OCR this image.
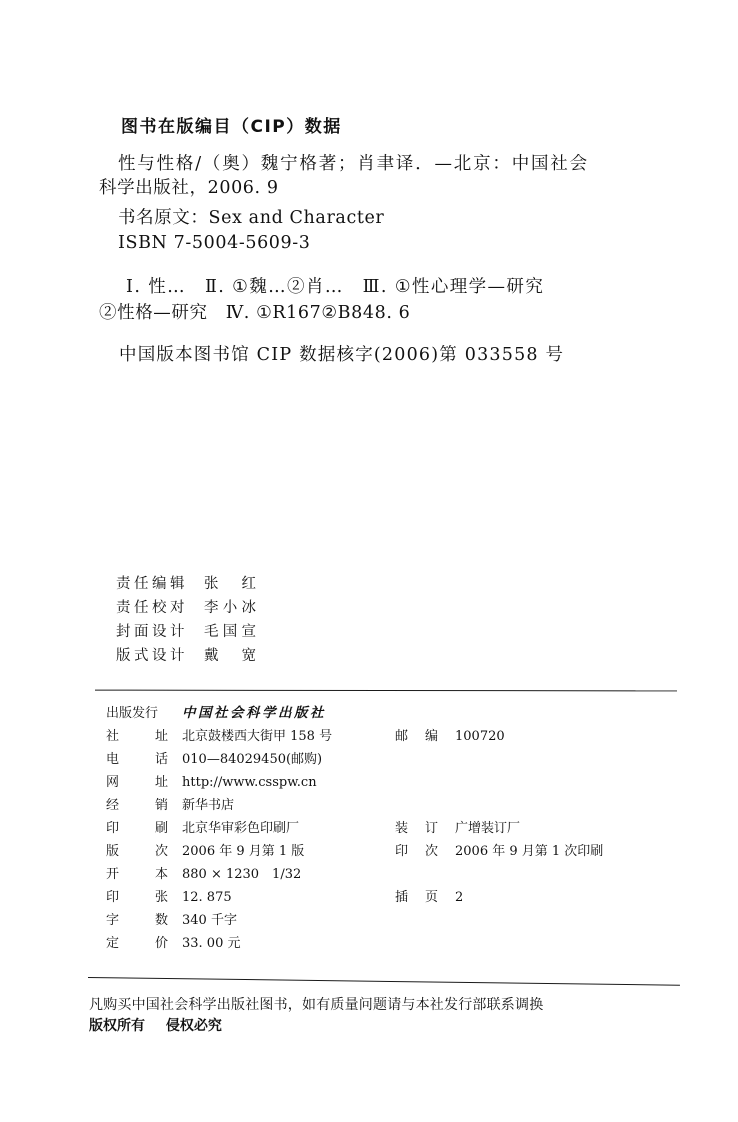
图书在版编目（CIP）数据
性与性格/（奥）魏宁格著；肖聿译．—北京：中国社会
科学出版社，2006. 9
书名原文：Sex and Character
ISBN 7-5004-5609-3
Ⅰ. 性…　Ⅱ. ①魏…②肖…　Ⅲ. ①性心理学—研究
②性格—研究　Ⅳ. ①R167②B848. 6
中国版本图书馆 CIP 数据核字(2006)第 033558 号
责任编辑 张 红
责任校对 李 小 冰
封面设计 毛 国 宣
版式设计 戴 宽
出版发行 中国社会科学出版社
社	址 北京鼓楼西大街甲 158 号	邮 编 100720
电	话 010—84029450(邮购)
网	址 http://www.csspw.cn
经	销 新华书店
印	刷 北京华审彩色印刷厂	装 订 广增装订厂
版	次 2006 年 9 月第 1 版	印 次 2006 年 9 月第 1 次印刷
开	本 880 × 1230　1/32
印	张 12. 875	插 页 2
字	数 340 千字
定	价 33. 00 元
凡购买中国社会科学出版社图书，如有质量问题请与本社发行部联系调换
版权所有 侵权必究
